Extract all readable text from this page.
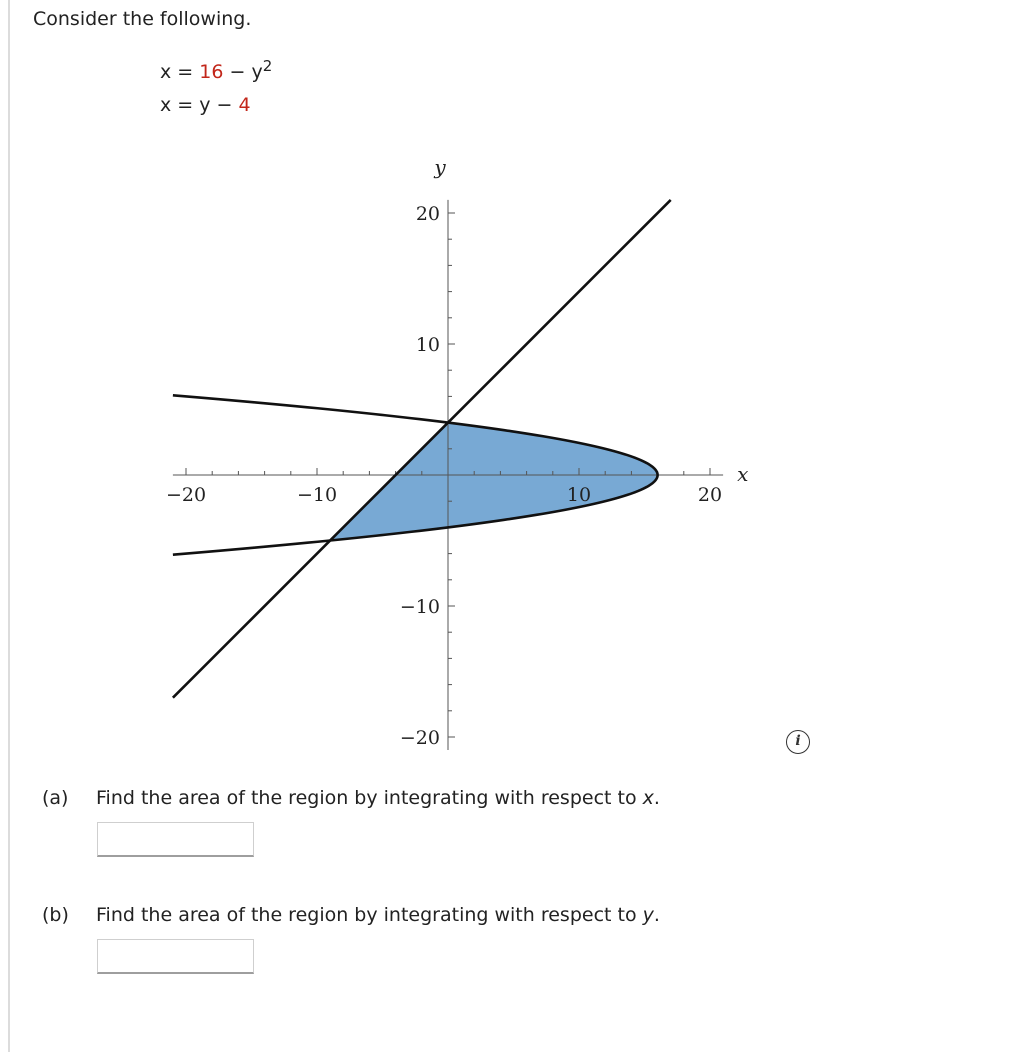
Consider the following.
$x = 16 - y^2$
x = y − 4
−20	−10	10	20
−20
−10
10
20
x
y
i
(a) Find the area of the region by integrating with respect to x.
(b) Find the area of the region by integrating with respect to y.
